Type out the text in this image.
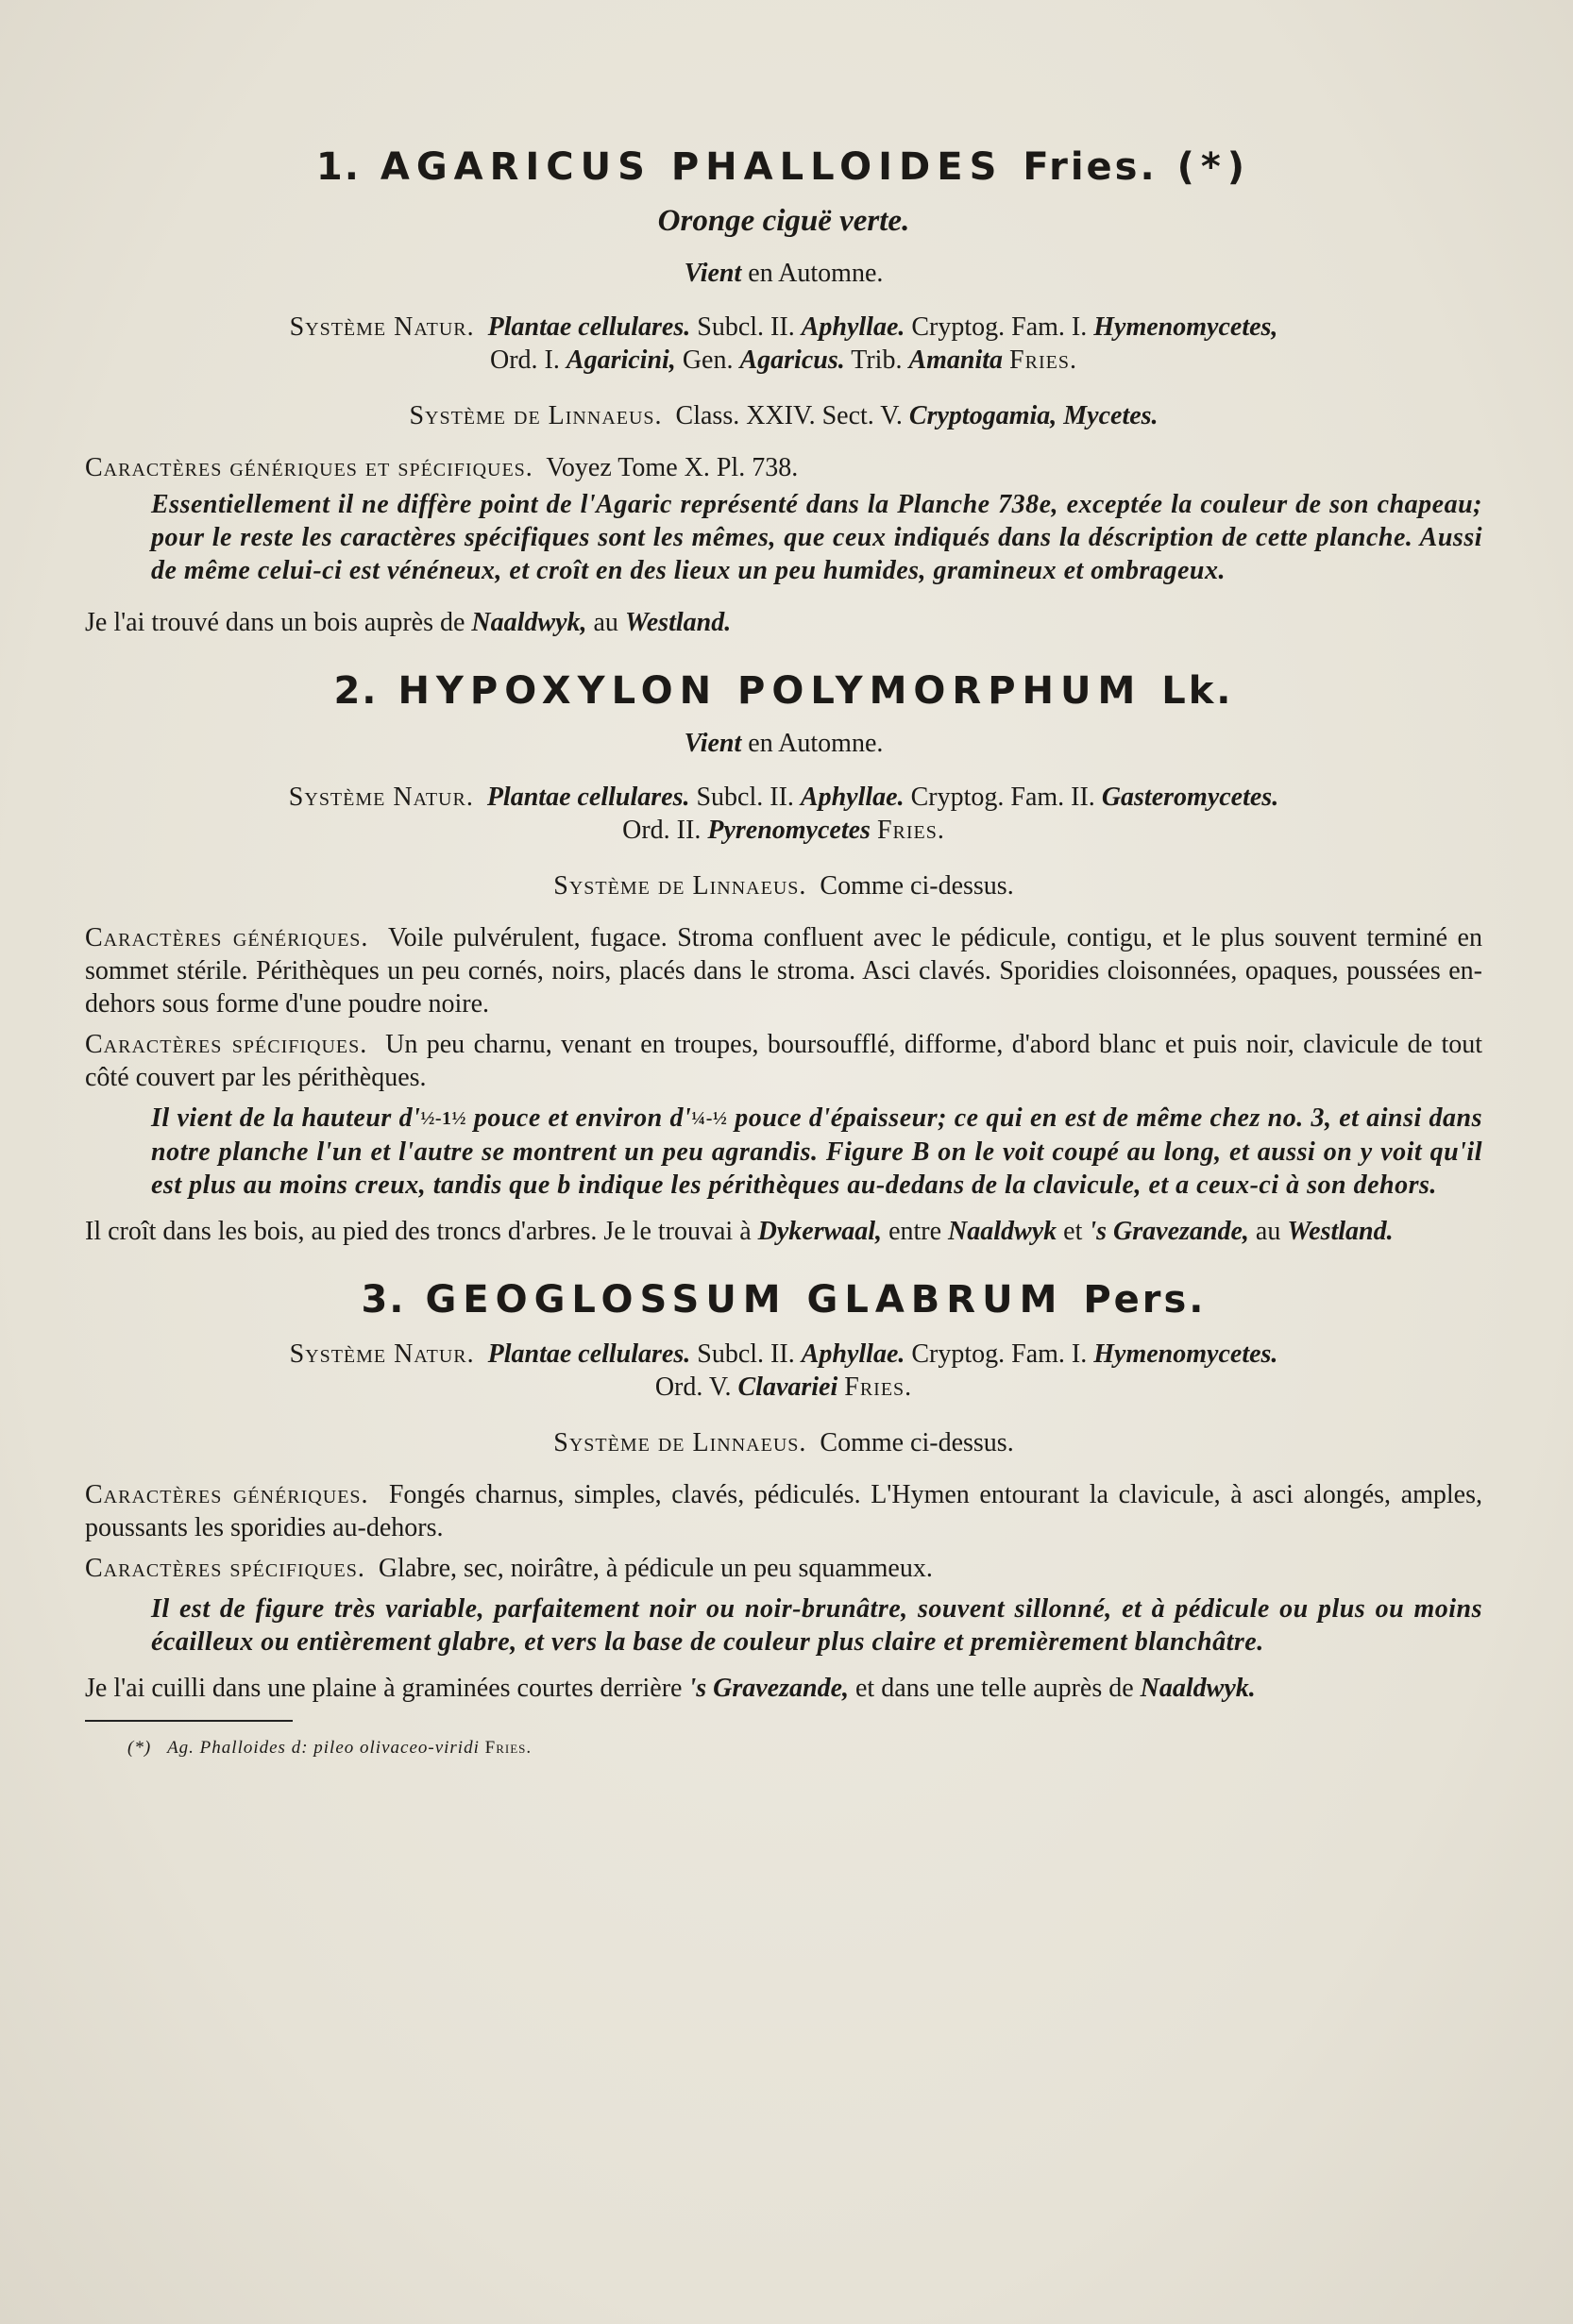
1. AGARICUS PHALLOIDES Fries. (*)
Oronge ciguë verte.
Vient en Automne.
Système Natur. Plantae cellulares. Subcl. II. Aphyllae. Cryptog. Fam. I. Hymenomycetes,
Ord. I. Agaricini, Gen. Agaricus. Trib. Amanita Fries.
Système de Linnaeus. Class. XXIV. Sect. V. Cryptogamia, Mycetes.
Caractères génériques et spécifiques. Voyez Tome X. Pl. 738.
Essentiellement il ne diffère point de l'Agaric représenté dans la Planche 738e, exceptée la couleur de son chapeau; pour le reste les caractères spécifiques sont les mêmes, que ceux indiqués dans la déscription de cette planche. Aussi de même celui-ci est vénéneux, et croît en des lieux un peu humides, gramineux et ombrageux.
Je l'ai trouvé dans un bois auprès de Naaldwyk, au Westland.
2. HYPOXYLON POLYMORPHUM Lk.
Vient en Automne.
Système Natur. Plantae cellulares. Subcl. II. Aphyllae. Cryptog. Fam. II. Gasteromycetes.
Ord. II. Pyrenomycetes Fries.
Système de Linnaeus. Comme ci-dessus.
Caractères génériques. Voile pulvérulent, fugace. Stroma confluent avec le pédicule, contigu, et le plus souvent terminé en sommet stérile. Périthèques un peu cornés, noirs, placés dans le stroma. Asci clavés. Sporidies cloisonnées, opaques, poussées en-dehors sous forme d'une poudre noire.
Caractères spécifiques. Un peu charnu, venant en troupes, boursoufflé, difforme, d'abord blanc et puis noir, clavicule de tout côté couvert par les périthèques.
Il vient de la hauteur d'½-1½ pouce et environ d'¼-½ pouce d'épaisseur; ce qui en est de même chez no. 3, et ainsi dans notre planche l'un et l'autre se montrent un peu agrandis. Figure B on le voit coupé au long, et aussi on y voit qu'il est plus au moins creux, tandis que b indique les périthèques au-dedans de la clavicule, et a ceux-ci à son dehors.
Il croît dans les bois, au pied des troncs d'arbres. Je le trouvai à Dykerwaal, entre Naaldwyk et 's Gravezande, au Westland.
3. GEOGLOSSUM GLABRUM Pers.
Système Natur. Plantae cellulares. Subcl. II. Aphyllae. Cryptog. Fam. I. Hymenomycetes.
Ord. V. Clavariei Fries.
Système de Linnaeus. Comme ci-dessus.
Caractères génériques. Fongés charnus, simples, clavés, pédiculés. L'Hymen entourant la clavicule, à asci alongés, amples, poussants les sporidies au-dehors.
Caractères spécifiques. Glabre, sec, noirâtre, à pédicule un peu squammeux.
Il est de figure très variable, parfaitement noir ou noir-brunâtre, souvent sillonné, et à pédicule ou plus ou moins écailleux ou entièrement glabre, et vers la base de couleur plus claire et premièrement blanchâtre.
Je l'ai cuilli dans une plaine à graminées courtes derrière 's Gravezande, et dans une telle auprès de Naaldwyk.
(*) Ag. Phalloides d: pileo olivaceo-viridi Fries.
